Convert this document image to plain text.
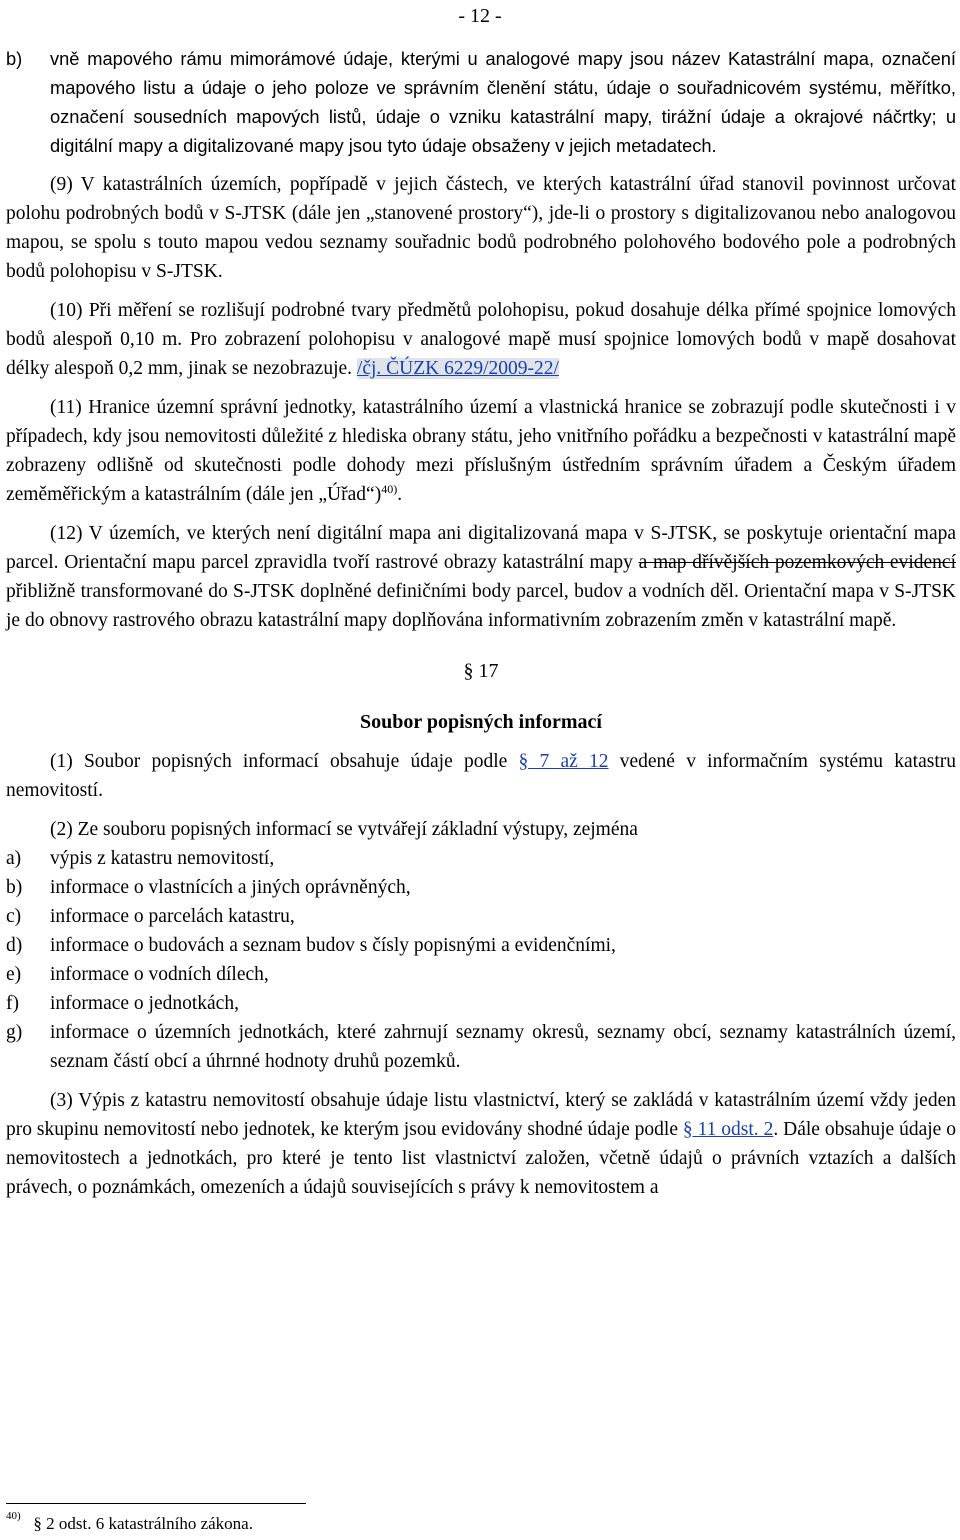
- 12 -
b)	vně mapového rámu mimorámové údaje, kterými u analogové mapy jsou název Katastrální mapa, označení mapového listu a údaje o jeho poloze ve správním členění státu, údaje o souřadnicovém systému, měřítko, označení sousedních mapových listů, údaje o vzniku katastrální mapy, tirážní údaje a okrajové náčrtky; u digitální mapy a digitalizované mapy jsou tyto údaje obsaženy v jejich metadatech.

(9) V katastrálních územích, popřípadě v jejich částech, ve kterých katastrální úřad stanovil povinnost určovat polohu podrobných bodů v S-JTSK (dále jen „stanovené prostory“), jde-li o prostory s digitalizovanou nebo analogovou mapou, se spolu s touto mapou vedou seznamy souřadnic bodů podrobného polohového bodového pole a podrobných bodů polohopisu v S-JTSK.

(10) Při měření se rozlišují podrobné tvary předmětů polohopisu, pokud dosahuje délka přímé spojnice lomových bodů alespoň 0,10 m. Pro zobrazení polohopisu v analogové mapě musí spojnice lomových bodů v mapě dosahovat délky alespoň 0,2 mm, jinak se nezobrazuje. /čj. ČÚZK 6229/2009-22/

(11) Hranice územní správní jednotky, katastrálního území a vlastnická hranice se zobrazují podle skutečnosti i v případech, kdy jsou nemovitosti důležité z hlediska obrany státu, jeho vnitřního pořádku a bezpečnosti v katastrální mapě zobrazeny odlišně od skutečnosti podle dohody mezi příslušným ústředním správním úřadem a Českým úřadem zeměměřickým a katastrálním (dále jen „Úřad“)$^{40)}$.

(12) V územích, ve kterých není digitální mapa ani digitalizovaná mapa v S-JTSK, se poskytuje orientační mapa parcel. Orientační mapu parcel zpravidla tvoří rastrové obrazy katastrální mapy a map dřívějších pozemkových evidencí přibližně transformované do S-JTSK doplněné definičními body parcel, budov a vodních děl. Orientační mapa v S-JTSK je do obnovy rastrového obrazu katastrální mapy doplňována informativním zobrazením změn v katastrální mapě.

§ 17
Soubor popisných informací

(1) Soubor popisných informací obsahuje údaje podle § 7 až 12 vedené v informačním systému katastru nemovitostí.

(2) Ze souboru popisných informací se vytvářejí základní výstupy, zejména

a)	výpis z katastru nemovitostí,
b)	informace o vlastnících a jiných oprávněných,
c)	informace o parcelách katastru,
d)	informace o budovách a seznam budov s čísly popisnými a evidenčními,
e)	informace o vodních dílech,
f)	informace o jednotkách,
g)	informace o územních jednotkách, které zahrnují seznamy okresů, seznamy obcí, seznamy katastrálních území, seznam částí obcí a úhrnné hodnoty druhů pozemků.

(3) Výpis z katastru nemovitostí obsahuje údaje listu vlastnictví, který se zakládá v katastrálním území vždy jeden pro skupinu nemovitostí nebo jednotek, ke kterým jsou evidovány shodné údaje podle § 11 odst. 2. Dále obsahuje údaje o nemovitostech a jednotkách, pro které je tento list vlastnictví založen, včetně údajů o právních vztazích a dalších právech, o poznámkách, omezeních a údajů souvisejících s právy k nemovitostem a

$^{40)}$ § 2 odst. 6 katastrálního zákona.
